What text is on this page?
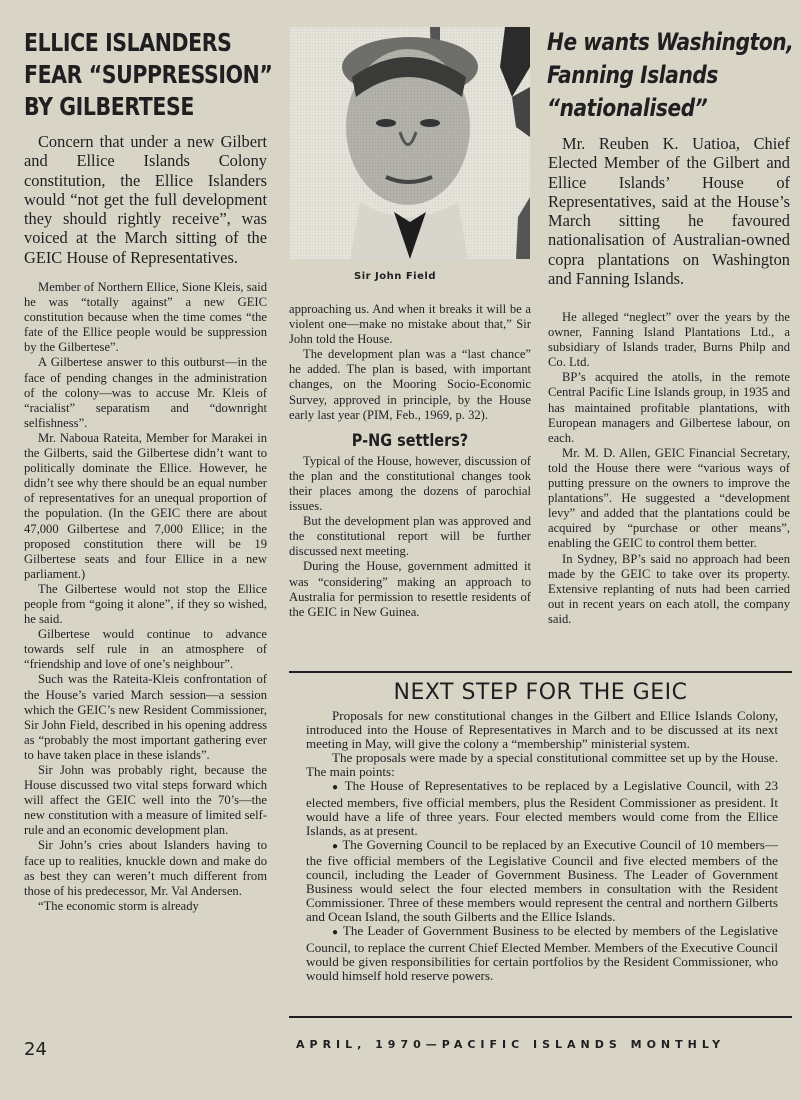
ELLICE ISLANDERS
FEAR “SUPPRESSION”
BY GILBERTESE

Concern that under a new Gilbert and Ellice Islands Colony constitution, the Ellice Islanders would “not get the full development they should rightly receive”, was voiced at the March sitting of the GEIC House of Representatives.

Member of Northern Ellice, Sione Kleis, said he was “totally against” a new GEIC constitution because when the time comes “the fate of the Ellice people would be suppression by the Gilbertese”.

A Gilbertese answer to this outburst—in the face of pending changes in the administration of the colony—was to accuse Mr. Kleis of “racialist” separatism and “downright selfishness”.

Mr. Naboua Rateita, Member for Marakei in the Gilberts, said the Gilbertese didn’t want to politically dominate the Ellice. However, he didn’t see why there should be an equal number of representatives for an unequal proportion of the population. (In the GEIC there are about 47,000 Gilbertese and 7,000 Ellice; in the proposed constitution there will be 19 Gilbertese seats and four Ellice in a new parliament.)

The Gilbertese would not stop the Ellice people from “going it alone”, if they so wished, he said.

Gilbertese would continue to advance towards self rule in an atmosphere of “friendship and love of one’s neighbour”.

Such was the Rateita-Kleis confrontation of the House’s varied March session—a session which the GEIC’s new Resident Commissioner, Sir John Field, described in his opening address as “probably the most important gathering ever to have taken place in these islands”.

Sir John was probably right, because the House discussed two vital steps forward which will affect the GEIC well into the 70’s—the new constitution with a measure of limited self-rule and an economic development plan.

Sir John’s cries about Islanders having to face up to realities, knuckle down and make do as best they can weren’t much different from those of his predecessor, Mr. Val Andersen.

“The economic storm is already

Sir John Field

approaching us. And when it breaks it will be a violent one—make no mistake about that,” Sir John told the House.

The development plan was a “last chance” he added. The plan is based, with important changes, on the Mooring Socio-Economic Survey, approved in principle, by the House early last year (PIM, Feb., 1969, p. 32).

P-NG settlers?

Typical of the House, however, discussion of the plan and the constitutional changes took their places among the dozens of parochial issues.

But the development plan was approved and the constitutional report will be further discussed next meeting.

During the House, government admitted it was “considering” making an approach to Australia for permission to resettle residents of the GEIC in New Guinea.

He wants Washington,
Fanning Islands
“nationalised”

Mr. Reuben K. Uatioa, Chief Elected Member of the Gilbert and Ellice Islands’ House of Representatives, said at the House’s March sitting he favoured nationalisation of Australian-owned copra plantations on Washington and Fanning Islands.

He alleged “neglect” over the years by the owner, Fanning Island Plantations Ltd., a subsidiary of Islands trader, Burns Philp and Co. Ltd.

BP’s acquired the atolls, in the remote Central Pacific Line Islands group, in 1935 and has maintained profitable plantations, with European managers and Gilbertese labour, on each.

Mr. M. D. Allen, GEIC Financial Secretary, told the House there were “various ways of putting pressure on the owners to improve the plantations”. He suggested a “development levy” and added that the plantations could be acquired by “purchase or other means”, enabling the GEIC to control them better.

In Sydney, BP’s said no approach had been made by the GEIC to take over its property. Extensive replanting of nuts had been carried out in recent years on each atoll, the company said.

NEXT STEP FOR THE GEIC

Proposals for new constitutional changes in the Gilbert and Ellice Islands Colony, introduced into the House of Representatives in March and to be discussed at its next meeting in May, will give the colony a “membership” ministerial system.

The proposals were made by a special constitutional committee set up by the House. The main points:

● The House of Representatives to be replaced by a Legislative Council, with 23 elected members, five official members, plus the Resident Commissioner as president. It would have a life of three years. Four elected members would come from the Ellice Islands, as at present.

● The Governing Council to be replaced by an Executive Council of 10 members—the five official members of the Legislative Council and five elected members of the council, including the Leader of Government Business. The Leader of Government Business would select the four elected members in consultation with the Resident Commissioner. Three of these members would represent the central and northern Gilberts and Ocean Island, the south Gilberts and the Ellice Islands.

● The Leader of Government Business to be elected by members of the Legislative Council, to replace the current Chief Elected Member. Members of the Executive Council would be given responsibilities for certain portfolios by the Resident Commissioner, who would himself hold reserve powers.

24	APRIL, 1970—PACIFIC ISLANDS MONTHLY
